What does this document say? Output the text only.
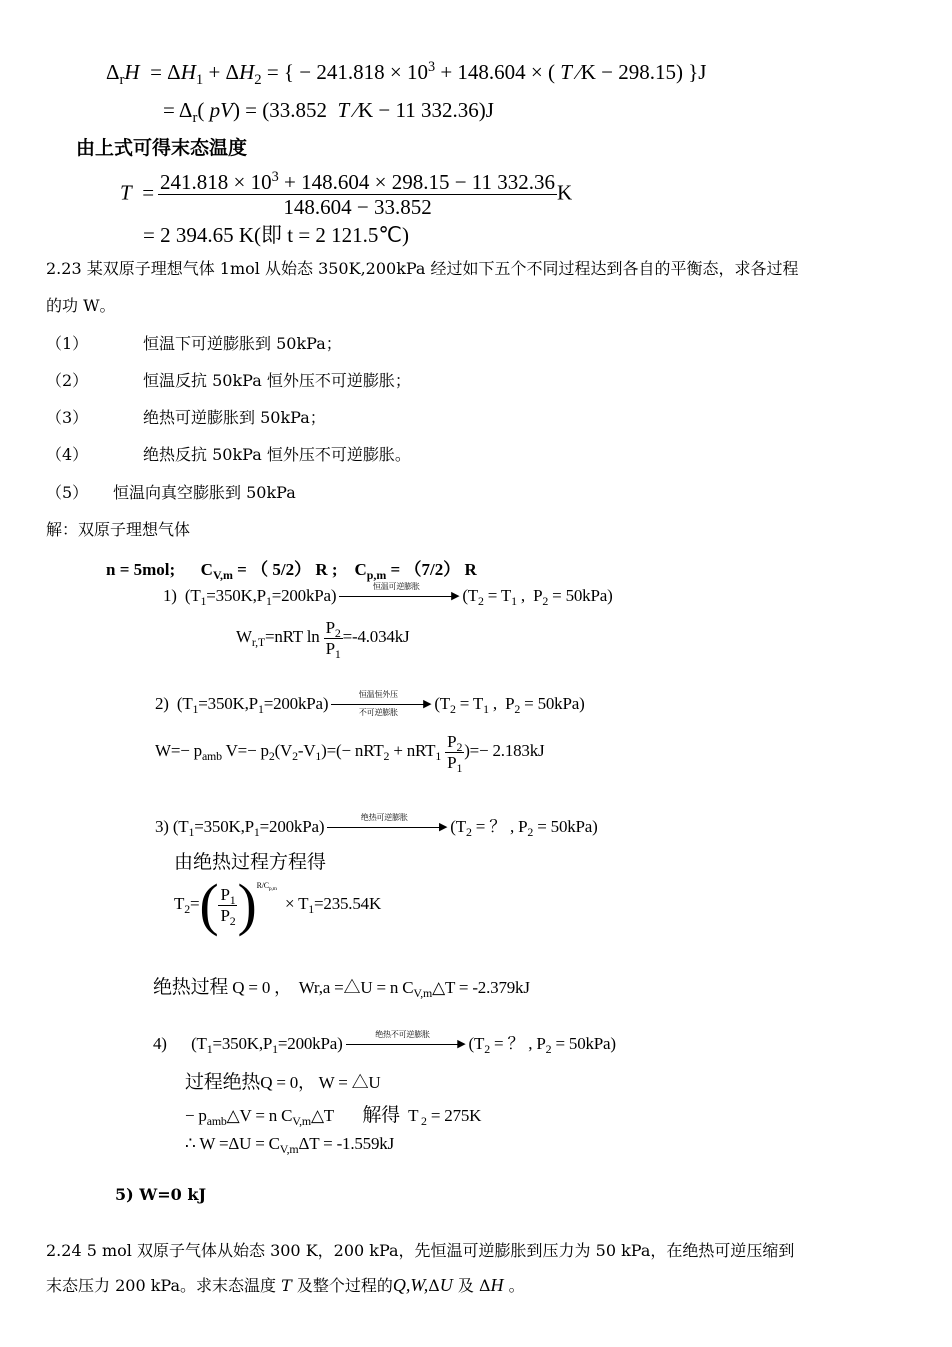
$\Delta_rH = \Delta H_1 + \Delta H_2$ = { − $241.818 \times 10^3 + 148.604$ × ( T ⁄K − 298.15) }J
= $\Delta_r$( pV) = (33.852  T ⁄K − 11 332.36)J
由上式可得末态温度
$T = \frac{241.818 \times 10^3 + 148.604 \times 298.15 - 11 332.36}{148.604 - 33.852}$ K
= 2 394.65 K(即 t = 2 121.5℃)
2.23 某双原子理想气体 1mol 从始态 350K,200kPa 经过如下五个不同过程达到各自的平衡态，求各过程
的功 W。
（1）	恒温下可逆膨胀到 50kPa；
（2）	恒温反抗 50kPa 恒外压不可逆膨胀；
（3）	绝热可逆膨胀到 50kPa；
（4）	绝热反抗 50kPa 恒外压不可逆膨胀。
（5） 恒温向真空膨胀到 50kPa
解：双原子理想气体
n = 5mol;      $C_{V,m}$ = （ 5/2） R ;    $C_{p,m} = (7/2)$ R
1)  $(T_1=350K,P_1=200kPa)$	恒温可逆膨胀
▶ ($T_2 = T_1$ ,  $P_2 = 50kPa$)
$W_{r,T}=nRT$ $\ln \frac{P_2}{P_1} =-4.034kJ$
2)  $(T_1=350K,P_1=200kPa)$	恒温恒外压
▶
不可逆膨胀	($T_2 = T_1$ ,  $P_2 = 50kPa$)
$W=- p_{amb}$ $V=- p_2(V_2-V_1)=(- nRT_2 + nRT_1 \frac{P_2}{P_1}$ )=− 2.183kJ
3) $(T_1=350K,P_1=200kPa)$	绝热可逆膨胀
▶ ($T_2$ = ？ , $P_2 = 50kPa$)
由绝热过程方程得
$T_2=( \frac{P_1}{P_2} )^{R/C_{p,m}} \times T_1=235.54K$
绝热过程 Q = 0 ，  Wr,a =△U = n $C_{V,m}\triangle T = -2.379kJ$
4)      $(T_1=350K,P_1=200kPa)$	绝热不可逆膨胀
▶ ($T_2$ = ？ , $P_2 = 50kPa$)
过程绝热Q = 0， W = △U
− $p_{amb}\triangle V = n$ $C_{V,m}\triangle T$       解得  T $_2$ = 275K
∴ $W =\Delta U = C_{V,m}\Delta T = -1.559kJ$
5) W=0 kJ
2.24 5 mol 双原子气体从始态 300 K，200 kPa，先恒温可逆膨胀到压力为 50 kPa，在绝热可逆压缩到
末态压力 200 kPa。求末态温度 T 及整个过程的Q,W,ΔU 及 ΔH 。
